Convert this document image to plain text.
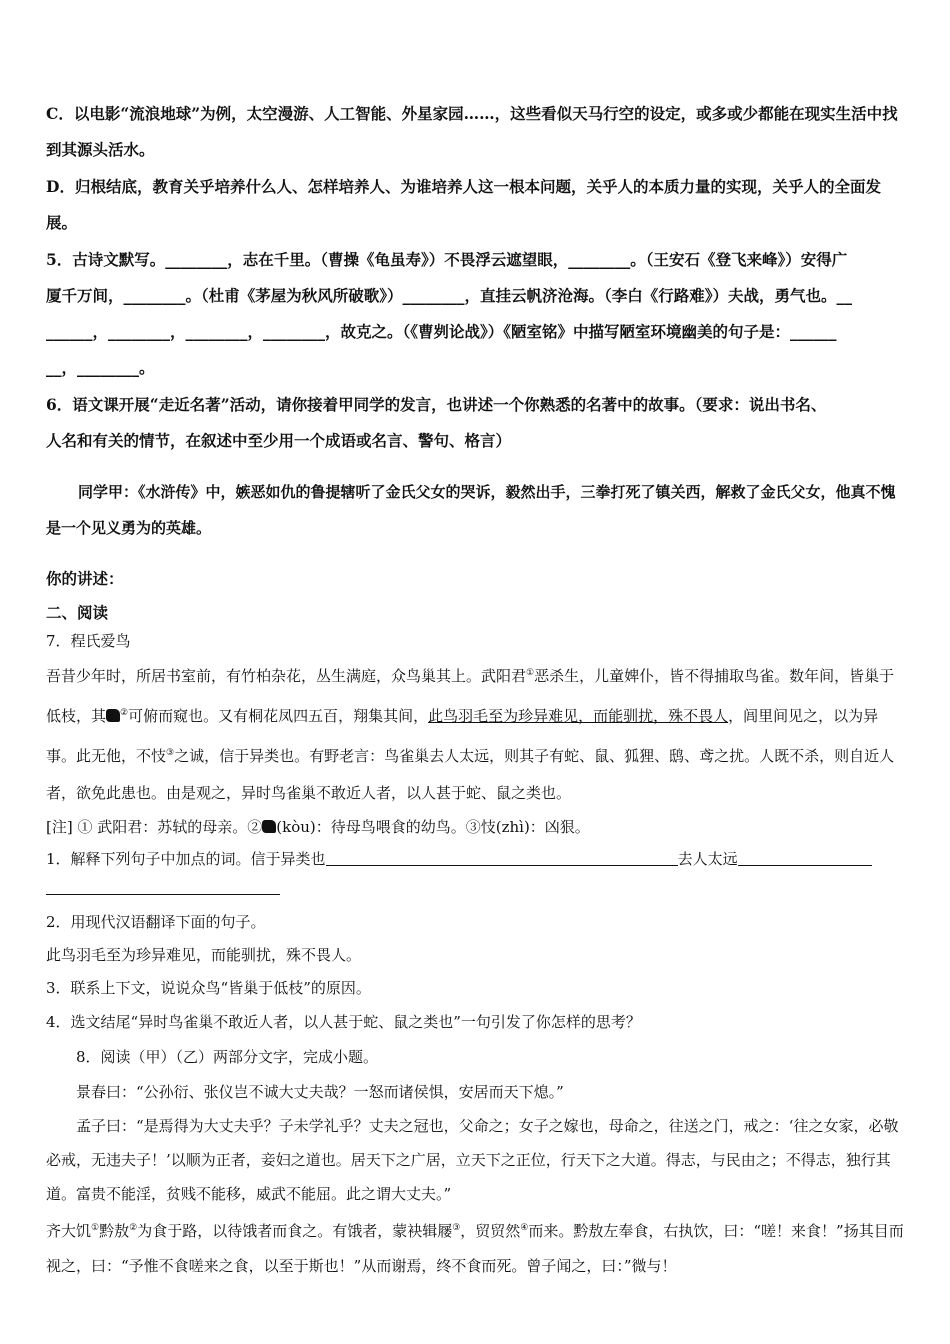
C．以电影“流浪地球”为例，太空漫游、人工智能、外星家园……，这些看似天马行空的设定，或多或少都能在现实生活中找到其源头活水。

D．归根结底，教育关乎培养什么人、怎样培养人、为谁培养人这一根本问题，关乎人的本质力量的实现，关乎人的全面发展。

5．古诗文默写。________，志在千里。（曹操《龟虽寿》）不畏浮云遮望眼，________。（王安石《登飞来峰》）安得广

厦千万间，________。（杜甫《茅屋为秋风所破歌》）________，直挂云帆济沧海。（李白《行路难》）夫战，勇气也。__

______，________，________，________，故克之。（《曹刿论战》）《陋室铭》中描写陋室环境幽美的句子是：______

__，________。

6．语文课开展“走近名著”活动，请你接着甲同学的发言，也讲述一个你熟悉的名著中的故事。（要求：说出书名、

人名和有关的情节，在叙述中至少用一个成语或名言、警句、格言）

同学甲：《水浒传》中，嫉恶如仇的鲁提辖听了金氏父女的哭诉，毅然出手，三拳打死了镇关西，解救了金氏父女，他真不愧是一个见义勇为的英雄。

你的讲述：

二、阅读

7．程氏爱鸟

吾昔少年时，所居书室前，有竹柏杂花，丛生满庭，众鸟巢其上。武阳君①恶杀生，儿童婢仆，皆不得捕取鸟雀。数年间，皆巢于低枝，其 ②可俯而窥也。又有桐花凤四五百，翔集其间，此鸟羽毛至为珍异难见，而能驯扰，殊不畏人，闾里间见之，以为异事。此无他，不忮③之诚，信于异类也。有野老言：鸟雀巢去人太远，则其子有蛇、鼠、狐狸、鸱、鸢之扰。人既不杀，则自近人者，欲免此患也。由是观之，异时鸟雀巢不敢近人者，以人甚于蛇、鼠之类也。

[注] ① 武阳君：苏轼的母亲。② (kòu)：待母鸟喂食的幼鸟。③忮(zhì)：凶狠。

1．解释下列句子中加点的词。信于异类也	去人太远

2．用现代汉语翻译下面的句子。

此鸟羽毛至为珍异难见，而能驯扰，殊不畏人。

3．联系上下文，说说众鸟“皆巢于低枝”的原因。

4．选文结尾“异时鸟雀巢不敢近人者，以人甚于蛇、鼠之类也”一句引发了你怎样的思考？

8．阅读（甲）（乙）两部分文字，完成小题。

景春曰：“公孙衍、张仪岂不诚大丈夫哉？一怒而诸侯惧，安居而天下熄。”

孟子曰：“是焉得为大丈夫乎？子未学礼乎？丈夫之冠也，父命之；女子之嫁也，母命之，往送之门，戒之：‘往之女家，必敬必戒，无违夫子！’以顺为正者，妾妇之道也。居天下之广居，立天下之正位，行天下之大道。得志，与民由之；不得志，独行其道。富贵不能淫，贫贱不能移，威武不能屈。此之谓大丈夫。”

齐大饥①黔敖②为食于路，以待饿者而食之。有饿者，蒙袂辑屦③，贸贸然④而来。黔敖左奉食，右执饮，曰：“嗟！来食！”扬其目而视之，曰：“予惟不食嗟来之食，以至于斯也！”从而谢焉，终不食而死。曾子闻之，曰：”微与！
